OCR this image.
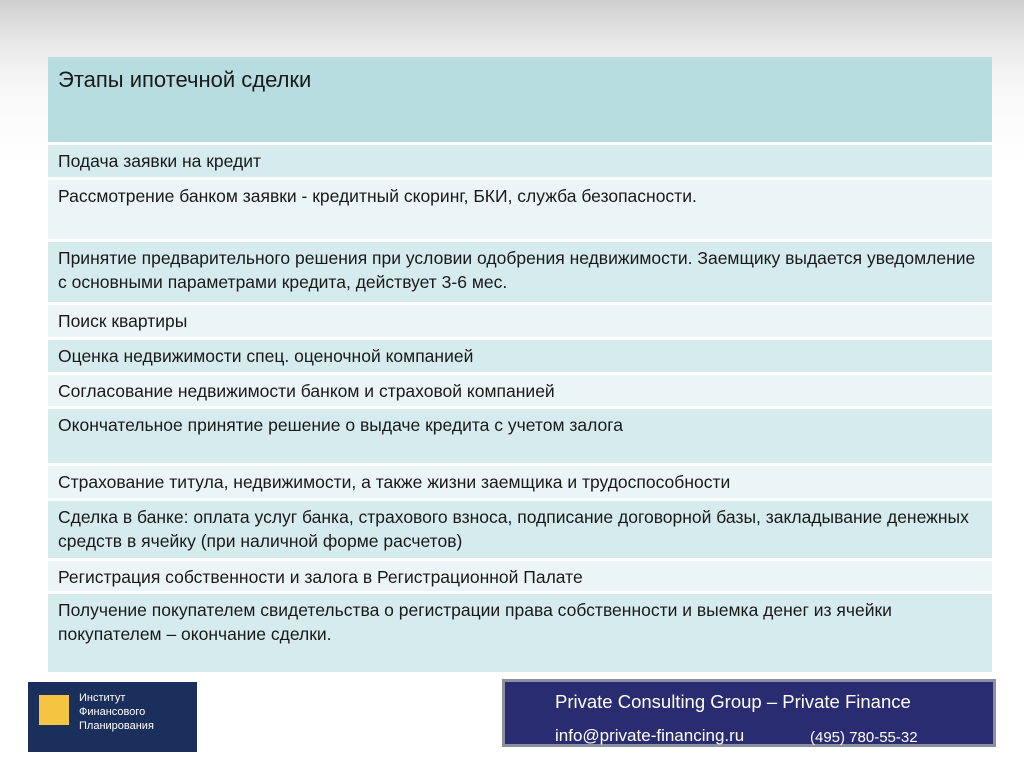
Этапы ипотечной сделки
Подача заявки на кредит
Рассмотрение банком заявки - кредитный скоринг, БКИ, служба безопасности.
Принятие предварительного решения при условии одобрения недвижимости. Заемщику выдается уведомление с основными параметрами кредита, действует 3-6 мес.
Поиск квартиры
Оценка недвижимости спец. оценочной компанией
Согласование недвижимости банком и страховой компанией
Окончательное принятие решение о выдаче кредита с учетом залога
Страхование титула, недвижимости, а также жизни заемщика и трудоспособности
Сделка в банке: оплата услуг банка, страхового взноса, подписание договорной базы, закладывание денежных средств в ячейку (при наличной форме расчетов)
Регистрация собственности и залога в Регистрационной Палате
Получение покупателем свидетельства о регистрации права собственности и выемка денег из ячейки покупателем – окончание сделки.
Институт
Финансового
Планирования
Private Consulting Group – Private Finance
info@private-financing.ru	(495) 780-55-32
